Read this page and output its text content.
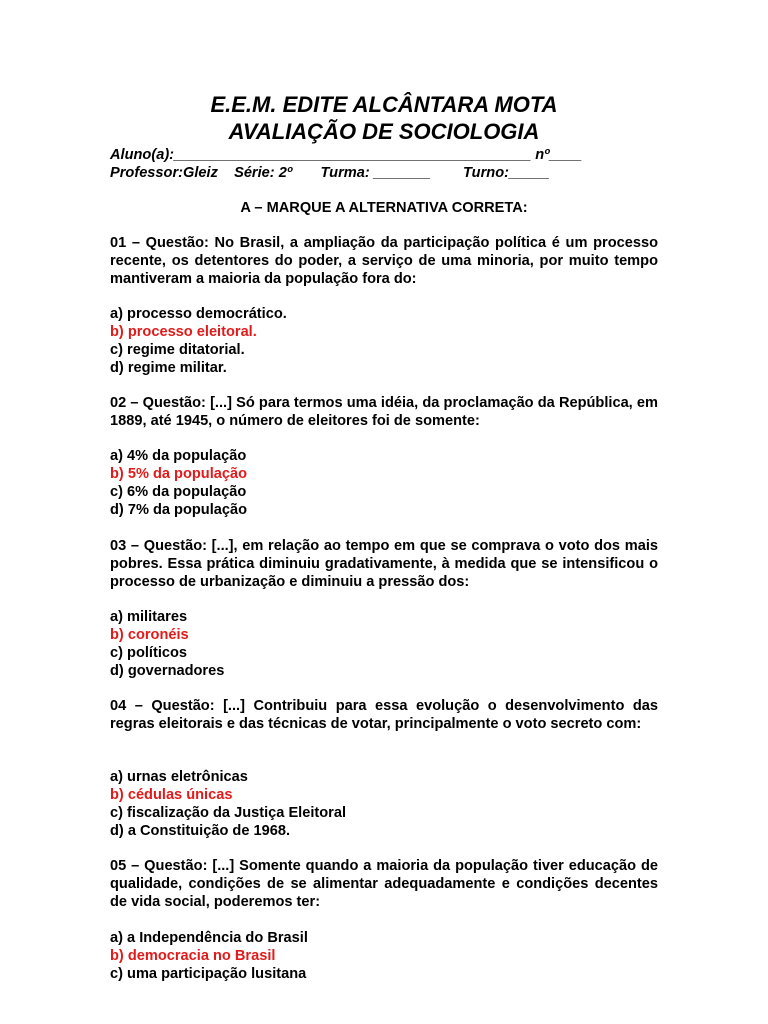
E.E.M. EDITE ALCÂNTARA MOTA
AVALIAÇÃO DE SOCIOLOGIA

Aluno(a):____________________________________________ nº____

Professor:Gleiz    Série: 2º       Turma: _______        Turno:_____

A – MARQUE A ALTERNATIVA CORRETA:

01 – Questão: No Brasil, a ampliação da participação política é um processo recente, os detentores do poder, a serviço de uma minoria, por muito tempo mantiveram a maioria da população fora do:

a) processo democrático.
b) processo eleitoral.
c) regime ditatorial.
d) regime militar.

02 – Questão: [...] Só para termos uma idéia, da proclamação da República, em 1889, até 1945, o número de eleitores foi de somente:

a) 4% da população
b) 5% da população
c) 6% da população
d) 7% da população

03 – Questão: [...], em relação ao tempo em que se comprava o voto dos mais pobres. Essa prática diminuiu gradativamente, à medida que se intensificou o processo de urbanização e diminuiu a pressão dos:

a) militares
b) coronéis
c) políticos
d) governadores

04 – Questão: [...] Contribuiu para essa evolução o desenvolvimento das regras eleitorais e das técnicas de votar, principalmente o voto secreto com:

a) urnas eletrônicas
b) cédulas únicas
c) fiscalização da Justiça Eleitoral
d) a Constituição de 1968.

05 – Questão: [...] Somente quando a maioria da população tiver educação de qualidade, condições de se alimentar adequadamente e condições decentes de vida social, poderemos ter:

a) a Independência do Brasil
b) democracia no Brasil
c) uma participação lusitana
